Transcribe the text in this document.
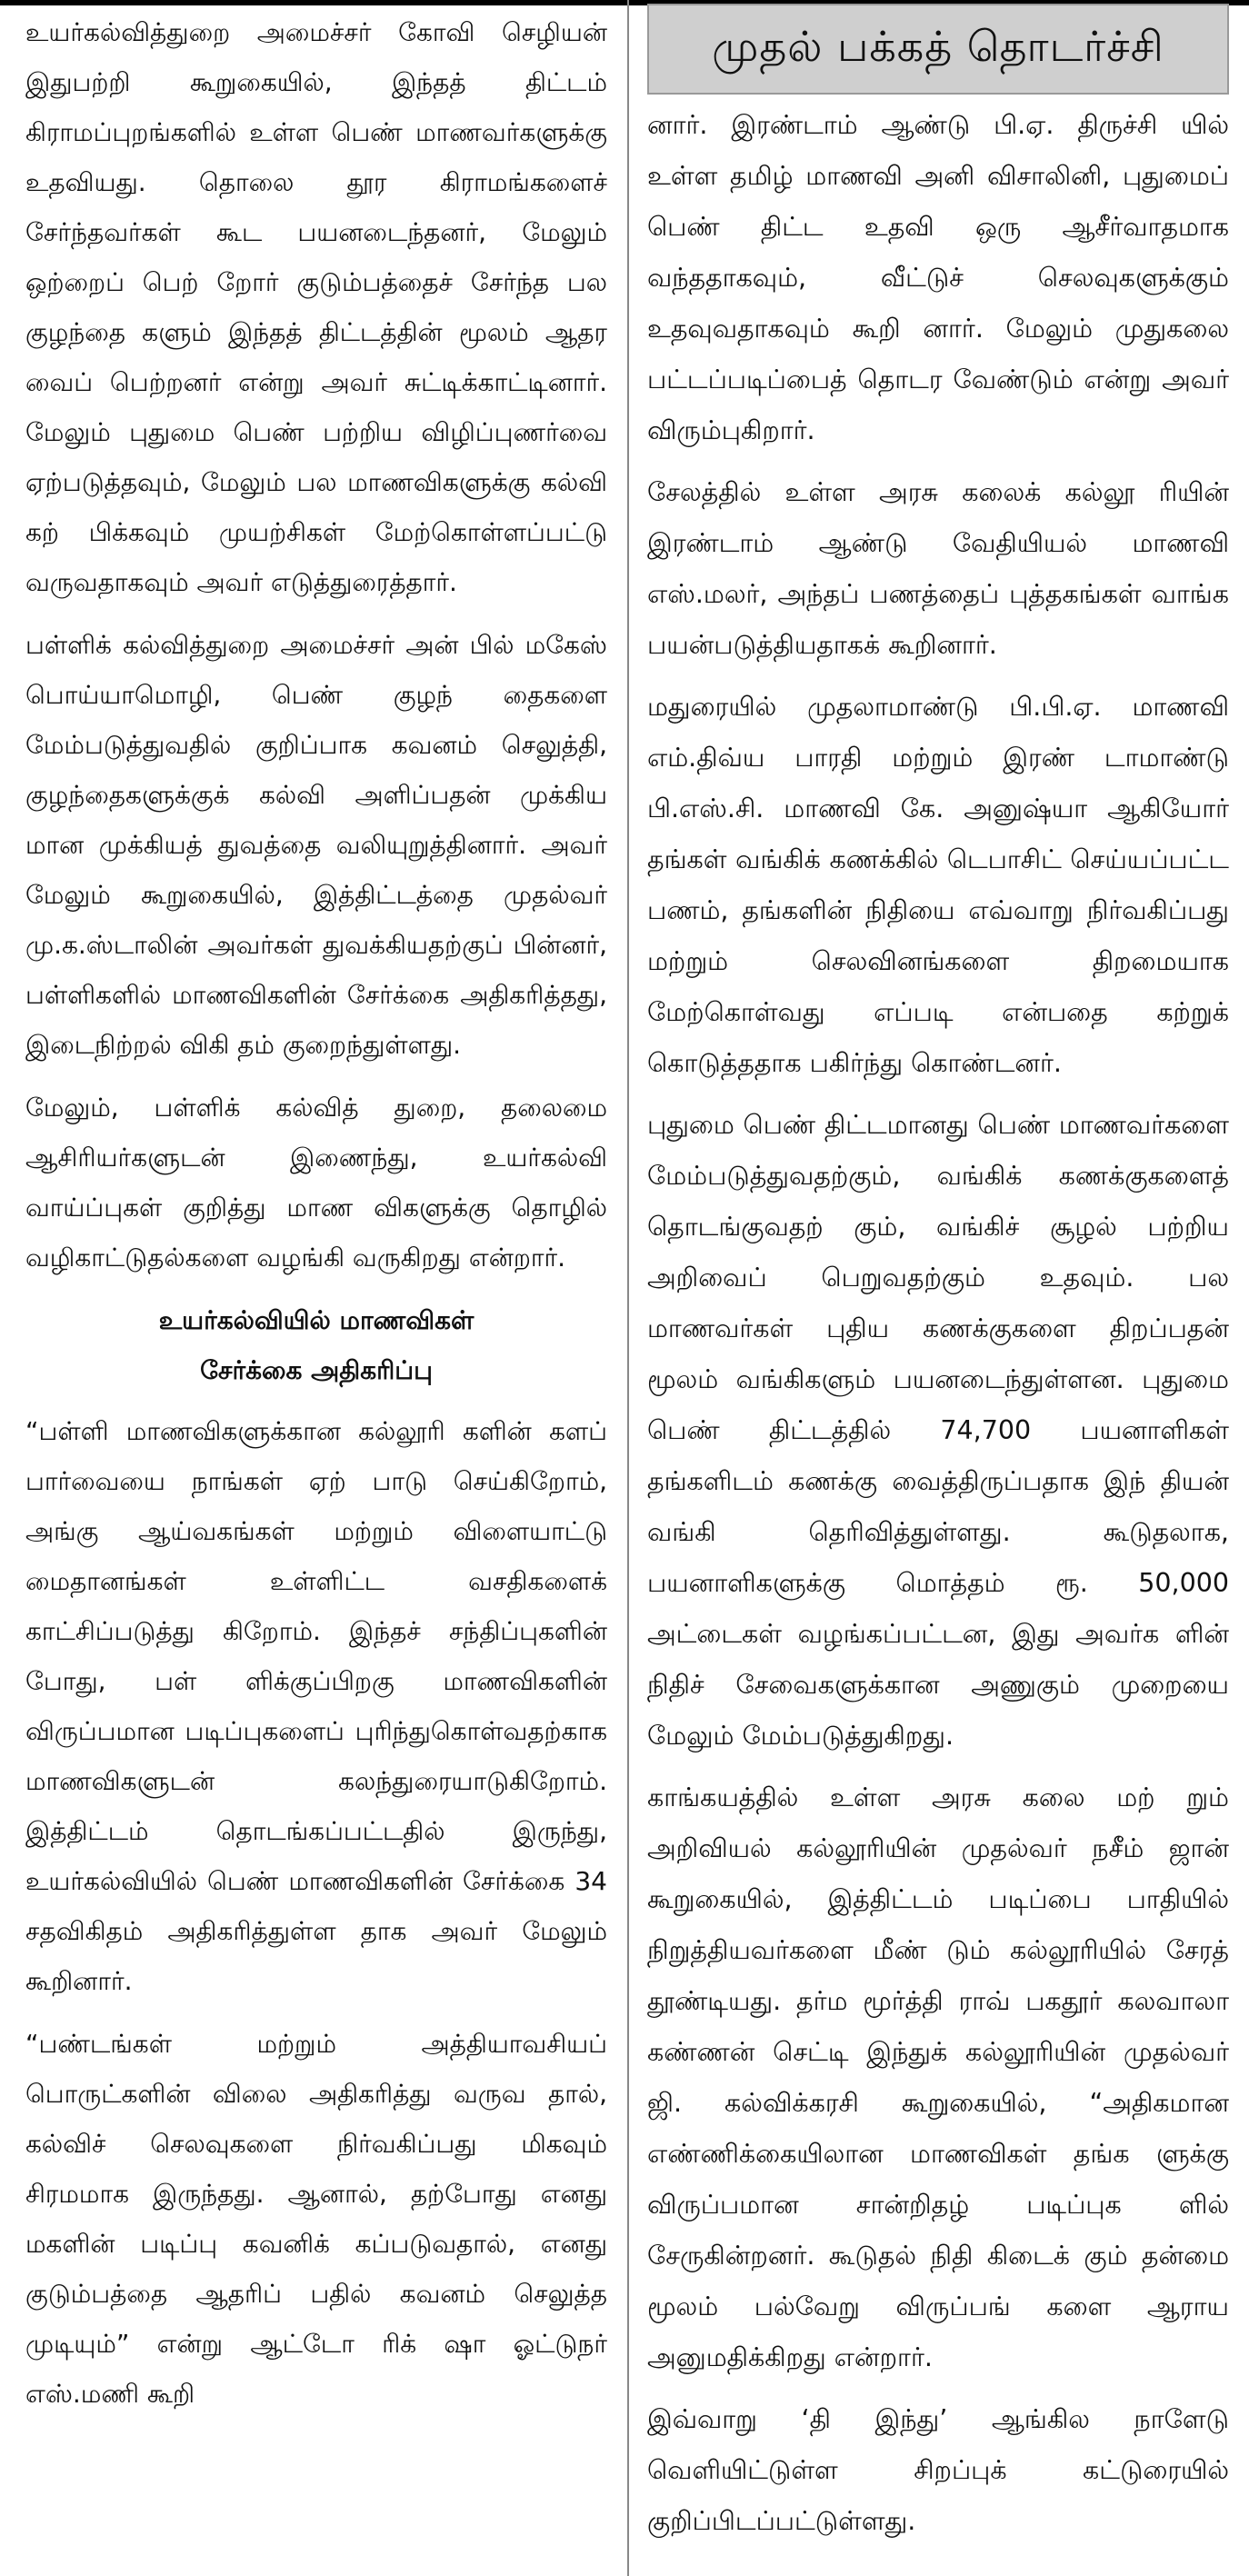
உயர்கல்வித்துறை அமைச்சர் கோவி செழியன் இதுபற்றி கூறுகையில், இந்தத் திட்டம் கிராமப்புறங்களில் உள்ள பெண் மாணவர்களுக்கு உதவியது. தொலை தூர கிராமங்களைச் சேர்ந்தவர்கள் கூட பயனடைந்தனர், மேலும் ஒற்றைப் பெற் றோர் குடும்பத்தைச் சேர்ந்த பல குழந்தை களும் இந்தத் திட்டத்தின் மூலம் ஆதர வைப் பெற்றனர் என்று அவர் சுட்டிக்காட்டினார். மேலும் புதுமை பெண் பற்றிய விழிப்புணர்வை ஏற்படுத்தவும், மேலும் பல மாணவிகளுக்கு கல்வி கற் பிக்கவும் முயற்சிகள் மேற்கொள்ளப்பட்டு வருவதாகவும் அவர் எடுத்துரைத்தார்.

பள்ளிக் கல்வித்துறை அமைச்சர் அன் பில் மகேஸ் பொய்யாமொழி, பெண் குழந் தைகளை மேம்படுத்துவதில் குறிப்பாக கவனம் செலுத்தி, குழந்தைகளுக்குக் கல்வி அளிப்பதன் முக்கிய மான முக்கியத் துவத்தை வலியுறுத்தினார். அவர் மேலும் கூறுகையில், இத்திட்டத்தை முதல்வர் மு.க.ஸ்டாலின் அவர்கள் துவக்கியதற்குப் பின்னர், பள்ளிகளில் மாணவிகளின் சேர்க்கை அதிகரித்தது, இடைநிற்றல் விகி தம் குறைந்துள்ளது.

மேலும், பள்ளிக் கல்வித் துறை, தலைமை ஆசிரியர்களுடன் இணைந்து, உயர்கல்வி வாய்ப்புகள் குறித்து மாண விகளுக்கு தொழில் வழிகாட்டுதல்களை வழங்கி வருகிறது என்றார்.

உயர்கல்வியில் மாணவிகள்
சேர்க்கை அதிகரிப்பு

“பள்ளி மாணவிகளுக்கான கல்லூரி களின் களப் பார்வையை நாங்கள் ஏற் பாடு செய்கிறோம், அங்கு ஆய்வகங்கள் மற்றும் விளையாட்டு மைதானங்கள் உள்ளிட்ட வசதிகளைக் காட்சிப்படுத்து கிறோம். இந்தச் சந்திப்புகளின் போது, பள் ளிக்குப்பிறகு மாணவிகளின் விருப்பமான படிப்புகளைப் புரிந்துகொள்வதற்காக மாணவிகளுடன் கலந்துரையாடுகிறோம். இத்திட்டம் தொடங்கப்பட்டதில் இருந்து, உயர்கல்வியில் பெண் மாணவிகளின் சேர்க்கை 34 சதவிகிதம் அதிகரித்துள்ள தாக அவர் மேலும் கூறினார்.

“பண்டங்கள் மற்றும் அத்தியாவசியப் பொருட்களின் விலை அதிகரித்து வருவ தால், கல்விச் செலவுகளை நிர்வகிப்பது மிகவும் சிரமமாக இருந்தது. ஆனால், தற்போது எனது மகளின் படிப்பு கவனிக் கப்படுவதால், எனது குடும்பத்தை ஆதரிப் பதில் கவனம் செலுத்த முடியும்” என்று ஆட்டோ ரிக் ஷா ஓட்டுநர் எஸ்.மணி கூறி

முதல் பக்கத் தொடர்ச்சி

னார். இரண்டாம் ஆண்டு பி.ஏ. திருச்சி யில் உள்ள தமிழ் மாணவி அனி விசாலினி, புதுமைப் பெண் திட்ட உதவி ஒரு ஆசீர்வாதமாக வந்ததாகவும், வீட்டுச் செலவுகளுக்கும் உதவுவதாகவும் கூறி னார். மேலும் முதுகலை பட்டப்படிப்பைத் தொடர வேண்டும் என்று அவர் விரும்புகிறார்.

சேலத்தில் உள்ள அரசு கலைக் கல்லூ ரியின் இரண்டாம் ஆண்டு வேதியியல் மாணவி எஸ்.மலர், அந்தப் பணத்தைப் புத்தகங்கள் வாங்க பயன்படுத்தியதாகக் கூறினார்.

மதுரையில் முதலாமாண்டு பி.பி.ஏ. மாணவி எம்.திவ்ய பாரதி மற்றும் இரண் டாமாண்டு பி.எஸ்.சி. மாணவி கே. அனுஷ்யா ஆகியோர் தங்கள் வங்கிக் கணக்கில் டெபாசிட் செய்யப்பட்ட பணம், தங்களின் நிதியை எவ்வாறு நிர்வகிப்பது மற்றும் செலவினங்களை திறமையாக மேற்கொள்வது எப்படி என்பதை கற்றுக் கொடுத்ததாக பகிர்ந்து கொண்டனர்.

புதுமை பெண் திட்டமானது பெண் மாணவர்களை மேம்படுத்துவதற்கும், வங்கிக் கணக்குகளைத் தொடங்குவதற் கும், வங்கிச் சூழல் பற்றிய அறிவைப் பெறுவதற்கும் உதவும். பல மாணவர்கள் புதிய கணக்குகளை திறப்பதன் மூலம் வங்கிகளும் பயனடைந்துள்ளன. புதுமை பெண் திட்டத்தில் 74,700 பயனாளிகள் தங்களிடம் கணக்கு வைத்திருப்பதாக இந் தியன் வங்கி தெரிவித்துள்ளது. கூடுதலாக, பயனாளிகளுக்கு மொத்தம் ரூ. 50,000 அட்டைகள் வழங்கப்பட்டன, இது அவர்க ளின் நிதிச் சேவைகளுக்கான அணுகும் முறையை மேலும் மேம்படுத்துகிறது.

காங்கயத்தில் உள்ள அரசு கலை மற் றும் அறிவியல் கல்லூரியின் முதல்வர் நசீம் ஜான் கூறுகையில், இத்திட்டம் படிப்பை பாதியில் நிறுத்தியவர்களை மீண் டும் கல்லூரியில் சேரத் தூண்டியது. தர்ம மூர்த்தி ராவ் பகதூர் கலவாலா கண்ணன் செட்டி இந்துக் கல்லூரியின் முதல்வர் ஜி. கல்விக்கரசி கூறுகையில், “அதிகமான எண்ணிக்கையிலான மாணவிகள் தங்க ளுக்கு விருப்பமான சான்றிதழ் படிப்புக ளில் சேருகின்றனர். கூடுதல் நிதி கிடைக் கும் தன்மை மூலம் பல்வேறு விருப்பங் களை ஆராய அனுமதிக்கிறது என்றார்.

இவ்வாறு ‘தி இந்து’ ஆங்கில நாளேடு வெளியிட்டுள்ள சிறப்புக் கட்டுரையில் குறிப்பிடப்பட்டுள்ளது.
